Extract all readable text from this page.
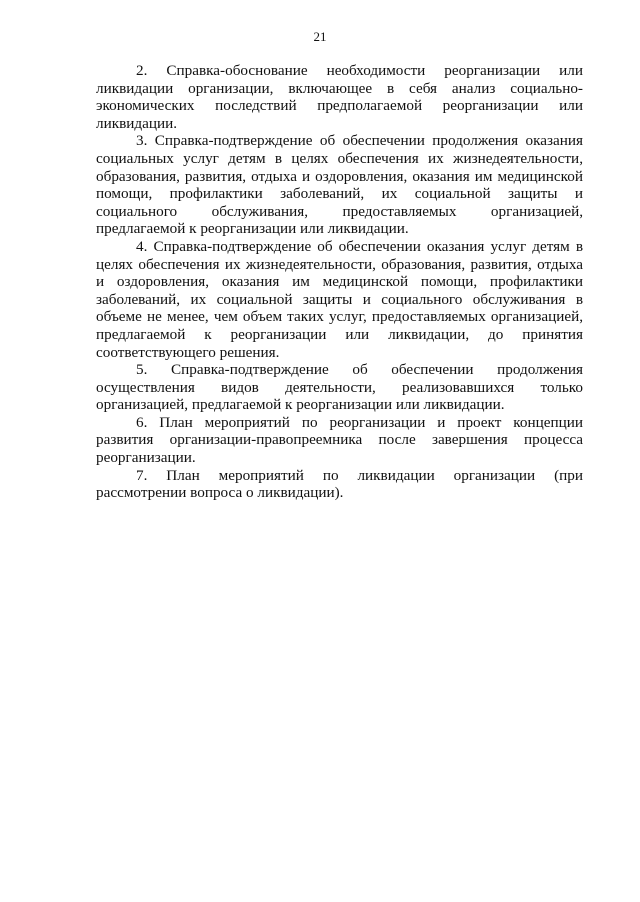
21

2. Справка-обоснование необходимости реорганизации или ликвидации организации, включающее в себя анализ социально-экономических последствий предполагаемой реорганизации или ликвидации.

3. Справка-подтверждение об обеспечении продолжения оказания социальных услуг детям в целях обеспечения их жизнедеятельности, образования, развития, отдыха и оздоровления, оказания им медицинской помощи, профилактики заболеваний, их социальной защиты и социального обслуживания, предоставляемых организацией, предлагаемой к реорганизации или ликвидации.

4. Справка-подтверждение об обеспечении оказания услуг детям в целях обеспечения их жизнедеятельности, образования, развития, отдыха и оздоровления, оказания им медицинской помощи, профилактики заболеваний, их социальной защиты и социального обслуживания в объеме не менее, чем объем таких услуг, предоставляемых организацией, предлагаемой к реорганизации или ликвидации, до принятия соответствующего решения.

5. Справка-подтверждение об обеспечении продолжения осуществления видов деятельности, реализовавшихся только организацией, предлагаемой к реорганизации или ликвидации.

6. План мероприятий по реорганизации и проект концепции развития организации-правопреемника после завершения процесса реорганизации.

7. План мероприятий по ликвидации организации (при рассмотрении вопроса о ликвидации).
